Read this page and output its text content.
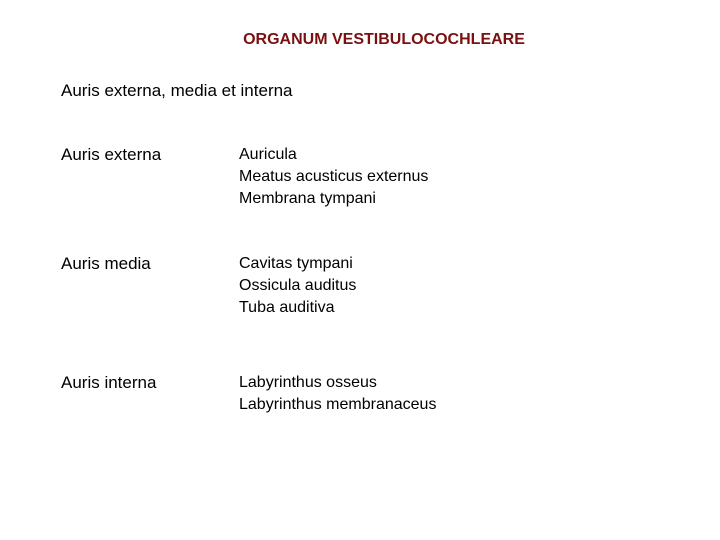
ORGANUM VESTIBULOCOCHLEARE
Auris externa, media et interna
Auris externa	Auricula
Meatus acusticus externus
Membrana tympani
Auris media	Cavitas tympani
Ossicula auditus
Tuba auditiva
Auris interna	Labyrinthus osseus
Labyrinthus membranaceus
